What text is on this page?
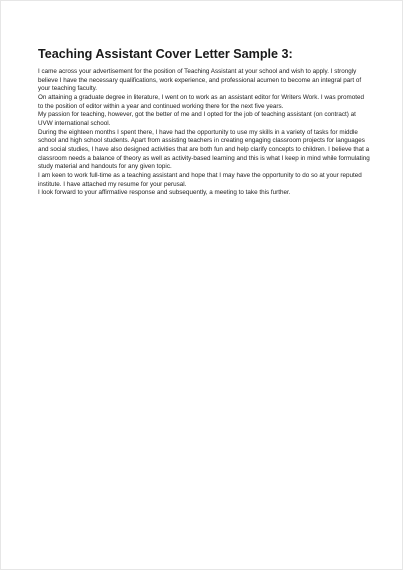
Teaching Assistant Cover Letter Sample 3:

I came across your advertisement for the position of Teaching Assistant at your school and wish to apply. I strongly believe I have the necessary qualifications, work experience, and professional acumen to become an integral part of your teaching faculty.

On attaining a graduate degree in literature, I went on to work as an assistant editor for Writers Work. I was promoted to the position of editor within a year and continued working there for the next five years.

My passion for teaching, however, got the better of me and I opted for the job of teaching assistant (on contract) at UVW international school.

During the eighteen months I spent there, I have had the opportunity to use my skills in a variety of tasks for middle school and high school students. Apart from assisting teachers in creating engaging classroom projects for languages and social studies, I have also designed activities that are both fun and help clarify concepts to children. I believe that a classroom needs a balance of theory as well as activity-based learning and this is what I keep in mind while formulating study material and handouts for any given topic.

I am keen to work full-time as a teaching assistant and hope that I may have the opportunity to do so at your reputed institute. I have attached my resume for your perusal.

I look forward to your affirmative response and subsequently, a meeting to take this further.
